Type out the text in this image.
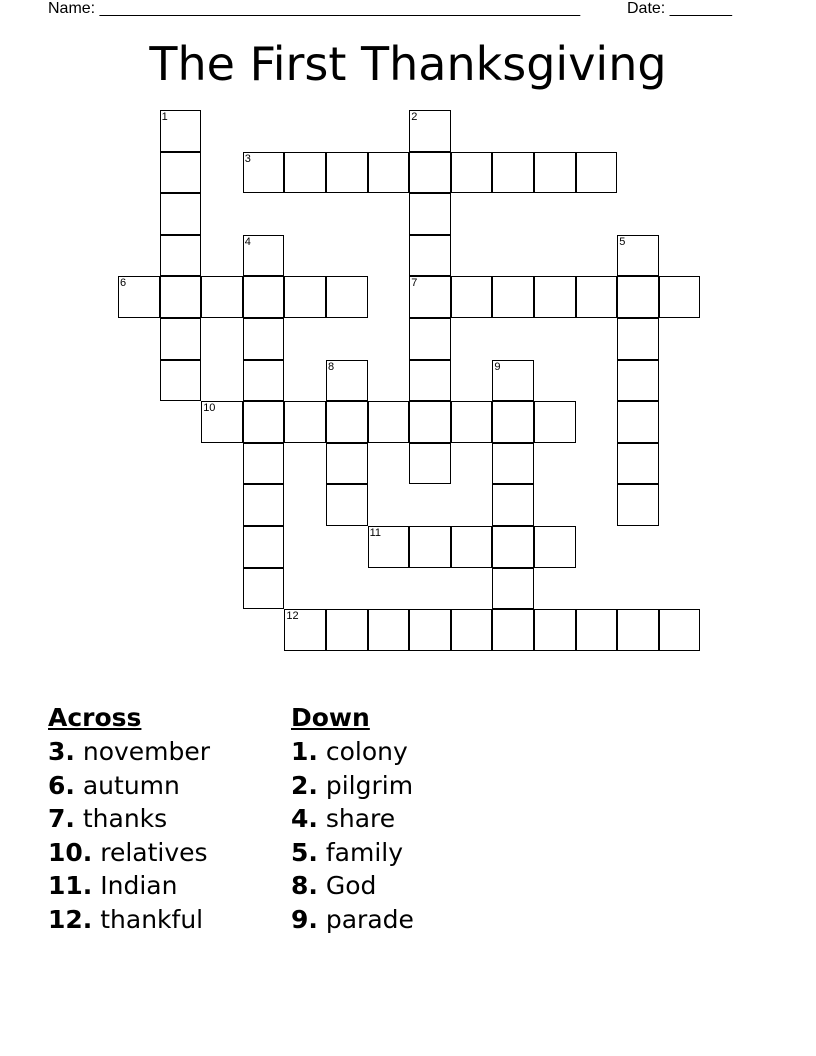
Name: ______________________________________________________	Date: _______
The First Thanksgiving
1	2
7
3
4	5
6
8	9
10
11
12
Across
3. november
6. autumn
7. thanks
10. relatives
11. Indian
12. thankful
Down
1. colony
2. pilgrim
4. share
5. family
8. God
9. parade
